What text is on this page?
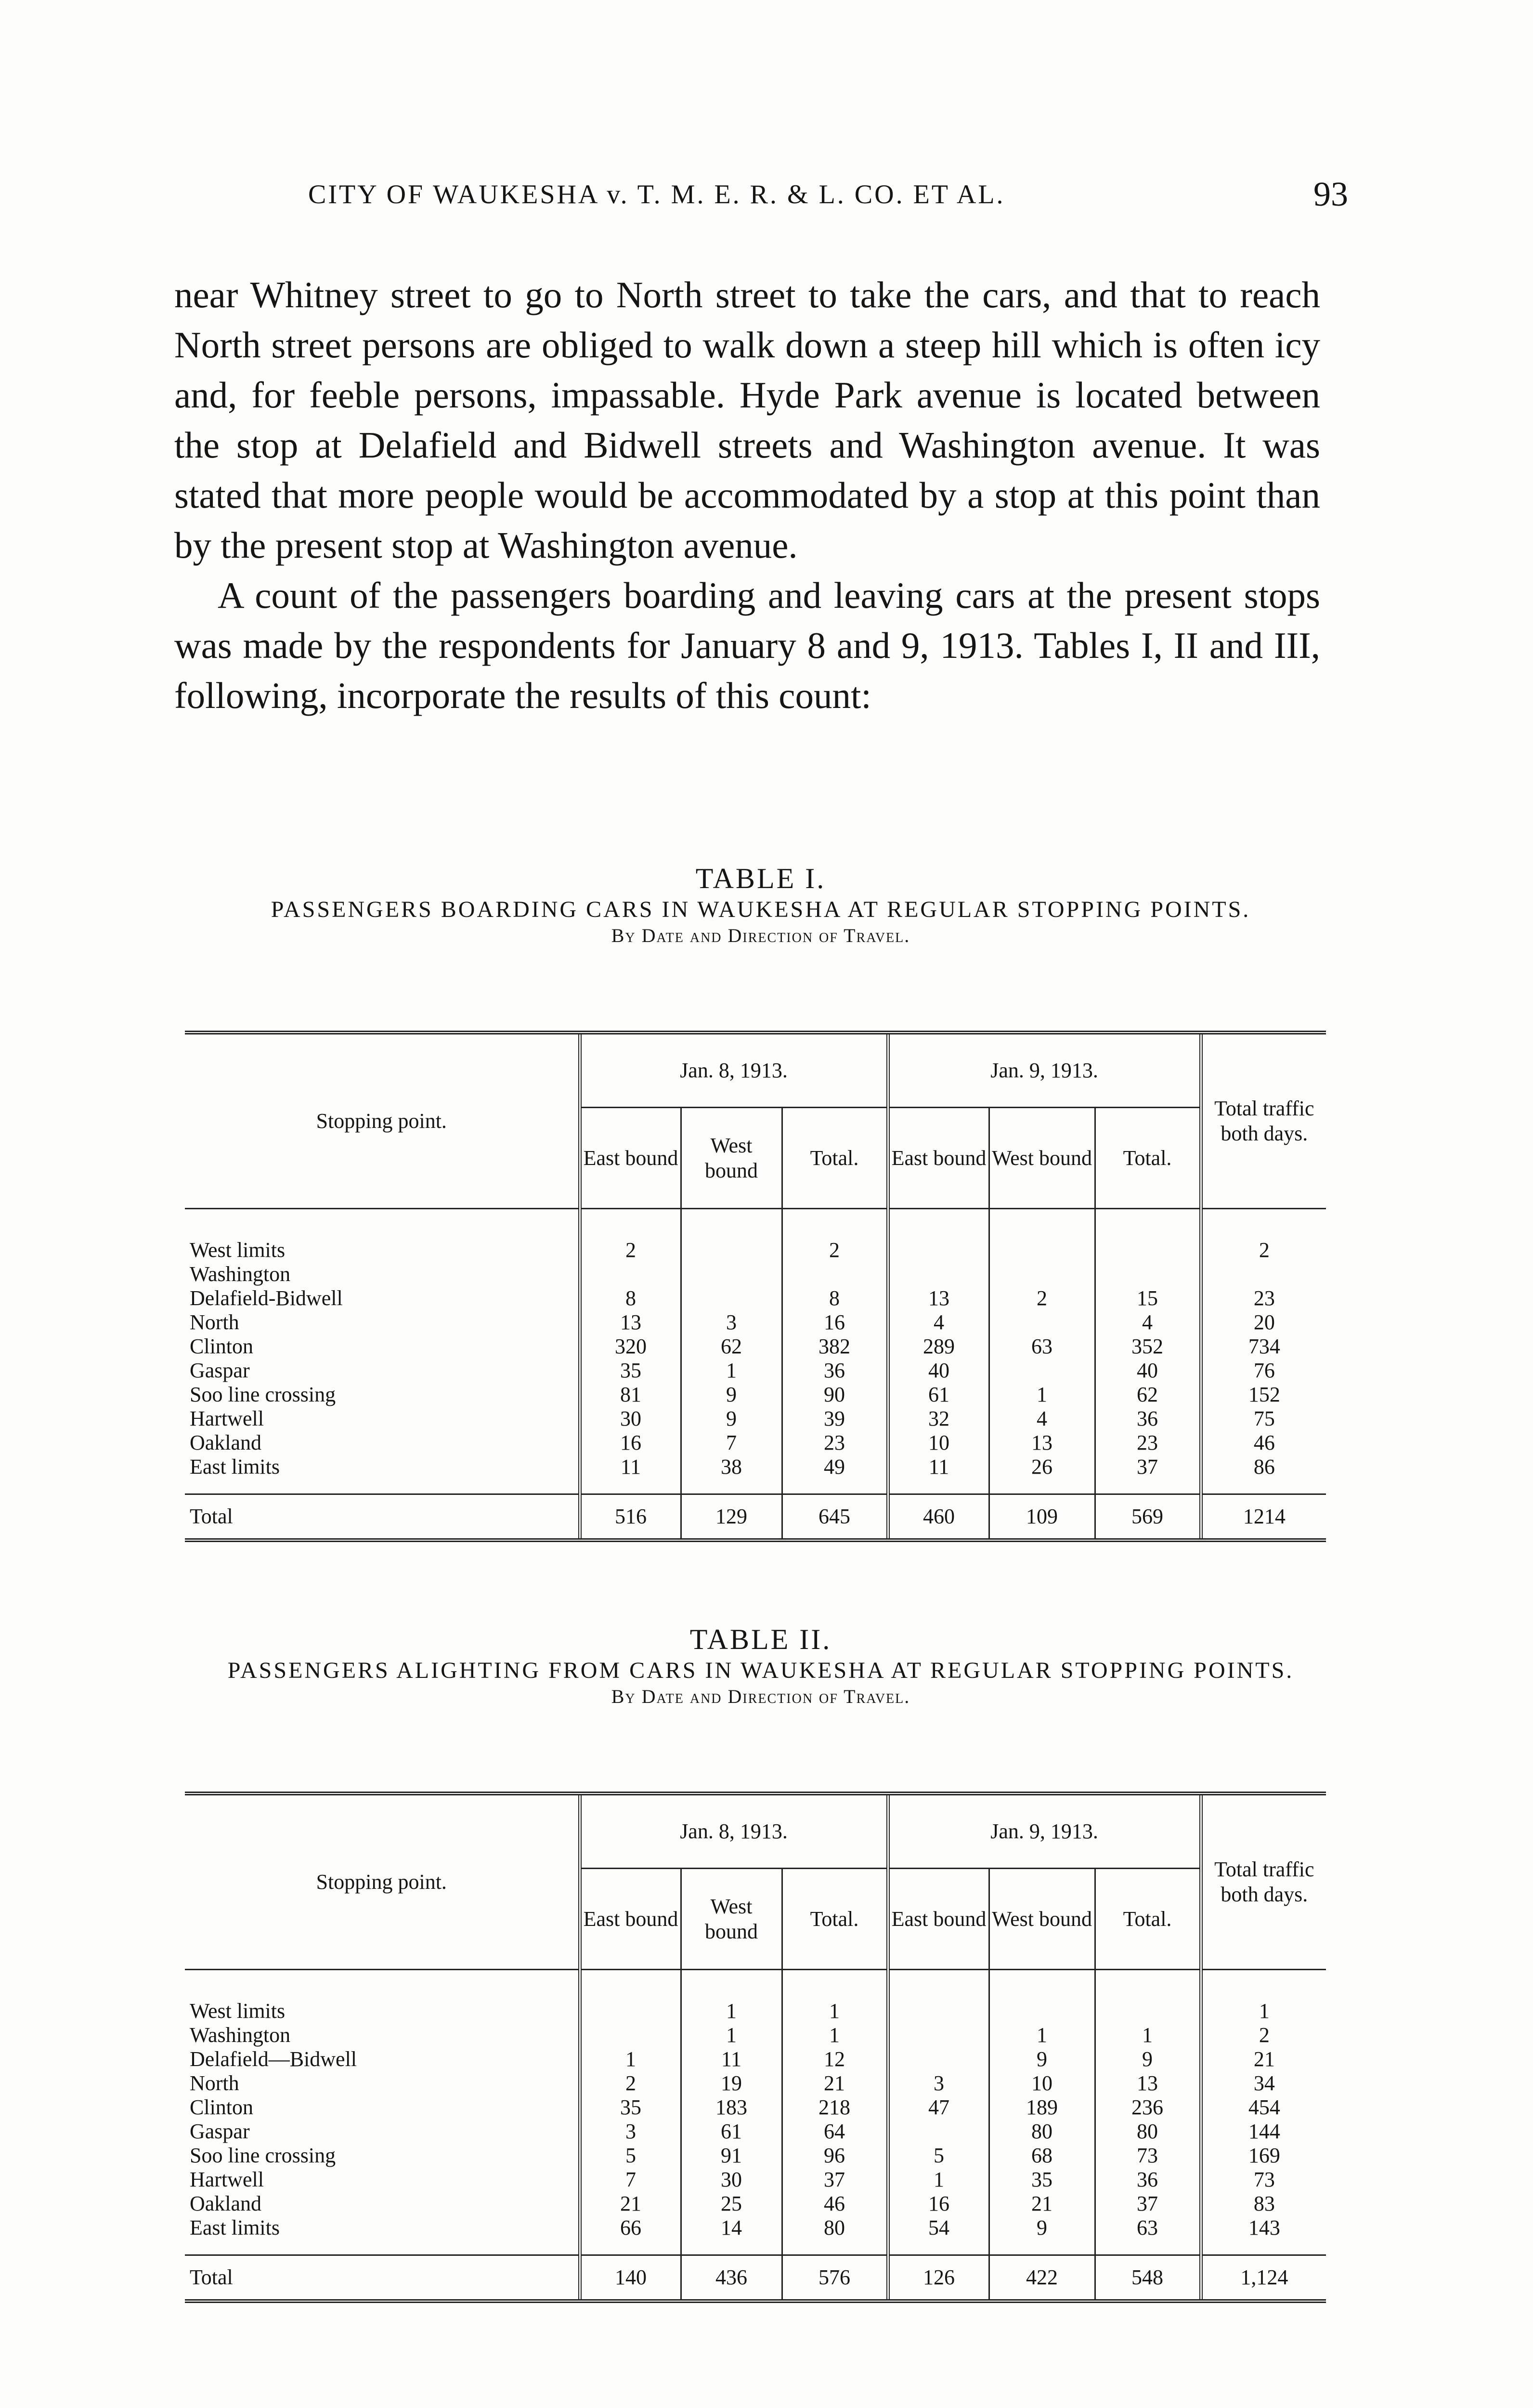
CITY OF WAUKESHA v. T. M. E. R. & L. CO. ET AL.	93

near Whitney street to go to North street to take the cars, and that to reach North street persons are obliged to walk down a steep hill which is often icy and, for feeble persons, impassable. Hyde Park avenue is located between the stop at Delafield and Bidwell streets and Washington avenue. It was stated that more people would be accommodated by a stop at this point than by the present stop at Washington avenue.

A count of the passengers boarding and leaving cars at the present stops was made by the respondents for January 8 and 9, 1913. Tables I, II and III, following, incorporate the results of this count:

TABLE I.
PASSENGERS BOARDING CARS IN WAUKESHA AT REGULAR STOPPING POINTS.
By Date and Direction of Travel.
Stopping point.	Jan. 8, 1913.			Jan. 9, 1913.			Total traffic both days.
	East bound	West bound	Total.	East bound	West bound	Total.	
West limits	2		2				2
Washington							
Delafield-Bidwell	8		8	13	2	15	23
North	13	3	16	4		4	20
Clinton	320	62	382	289	63	352	734
Gaspar	35	1	36	40		40	76
Soo line crossing	81	9	90	61	1	62	152
Hartwell	30	9	39	32	4	36	75
Oakland	16	7	23	10	13	23	46
East limits	11	38	49	11	26	37	86
Total	516	129	645	460	109	569	1214
TABLE II.
PASSENGERS ALIGHTING FROM CARS IN WAUKESHA AT REGULAR STOPPING POINTS.
By Date and Direction of Travel.
Stopping point.	Jan. 8, 1913.			Jan. 9, 1913.			Total traffic both days.
	East bound	West bound	Total.	East bound	West bound	Total.	
West limits		1	1				1
Washington		1	1		1	1	2
Delafield—Bidwell	1	11	12		9	9	21
North	2	19	21	3	10	13	34
Clinton	35	183	218	47	189	236	454
Gaspar	3	61	64		80	80	144
Soo line crossing	5	91	96	5	68	73	169
Hartwell	7	30	37	1	35	36	73
Oakland	21	25	46	16	21	37	83
East limits	66	14	80	54	9	63	143
Total	140	436	576	126	422	548	1,124
